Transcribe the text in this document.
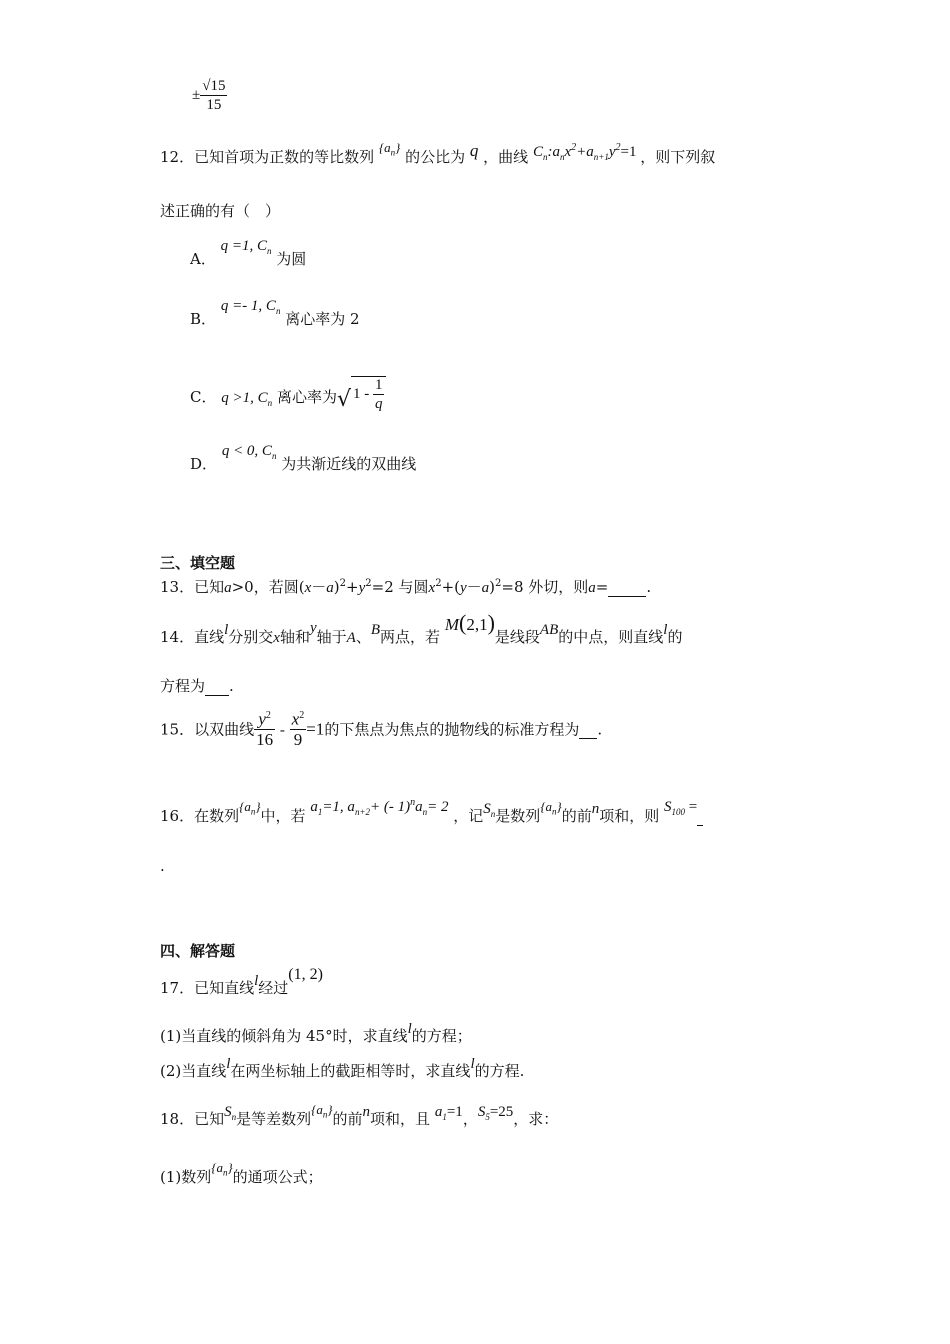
± $\frac{√15}{15}$
12．已知首项为正数的等比数列 $\{a_n\}$ 的公比为 q ，曲线 $C_n:a_nx^2+a_{n+1}y^2=1$ ，则下列叙
述正确的有（　）
A． q =1, $C_n$ 为圆
B． q =- 1, $C_n$ 离心率为 2
C． q >1, $C_n$ 离心率为√ $1 - \frac{1}{q}$
D． q < 0, $C_n$ 为共渐近线的双曲线
三、填空题
13．已知a>0，若圆$(x-a)^2+y^2=2$ 与圆$x^2+(y-a)^2=8$ 外切，则a=	.
14．直线l分别交x轴和y轴于A、B两点，若 M(2,1)是线段AB的中点，则直线l的
方程为 .
15．以双曲线 $\frac{y^2}{16} - \frac{x^2}{9} =1$的下焦点为焦点的抛物线的标准方程为 .
16．在数列$\{a_n\}$中，若 $a_1=1$, $a_{n+2}+$ (- $1)^na_n= 2$ ，记$S_n$是数列$\{a_n\}$的前n项和，则 $S_{100}$ =
.
四、解答题
17．已知直线l经过(1, 2)
(1)当直线的倾斜角为 45°时，求直线l的方程；
(2)当直线l在两坐标轴上的截距相等时，求直线l的方程.
18．已知$S_n$是等差数列$\{a_n\}$的前n项和，且 $a_1=1$，$S_5=25$，求：
(1)数列$\{a_n\}$的通项公式；
